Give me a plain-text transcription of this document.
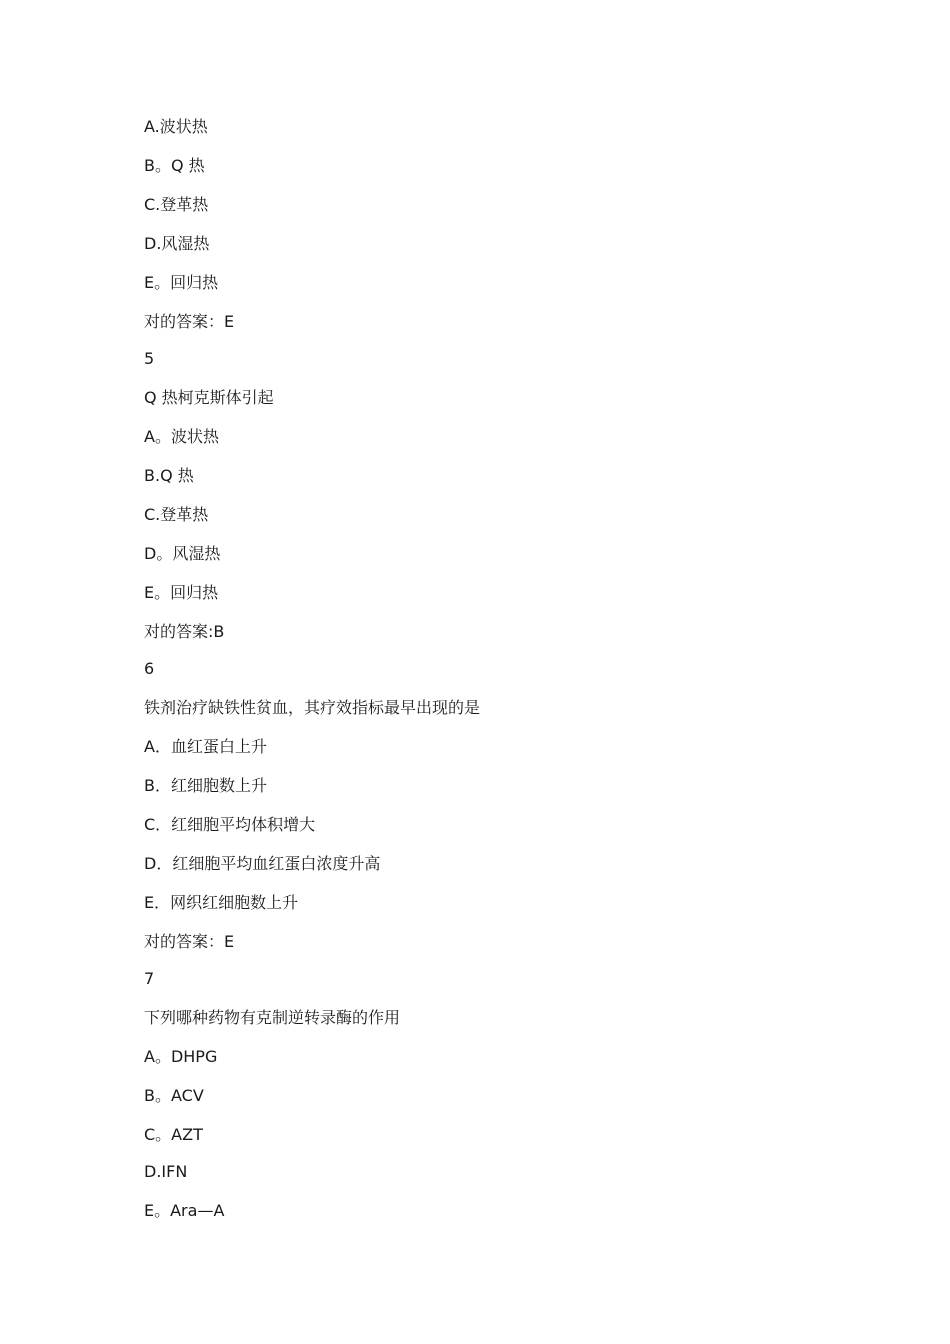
A.波状热
B。Q 热
C.登革热
D.风湿热
E。回归热
对的答案：E
5
Q 热柯克斯体引起
A。波状热
B.Q 热
C.登革热
D。风湿热
E。回归热
对的答案:B
6
铁剂治疗缺铁性贫血，其疗效指标最早出现的是
A．血红蛋白上升
B．红细胞数上升
C．红细胞平均体积增大
D．红细胞平均血红蛋白浓度升高
E．网织红细胞数上升
对的答案：E
7
下列哪种药物有克制逆转录酶的作用
A。DHPG
B。ACV
C。AZT
D.IFN
E。Ara—A
